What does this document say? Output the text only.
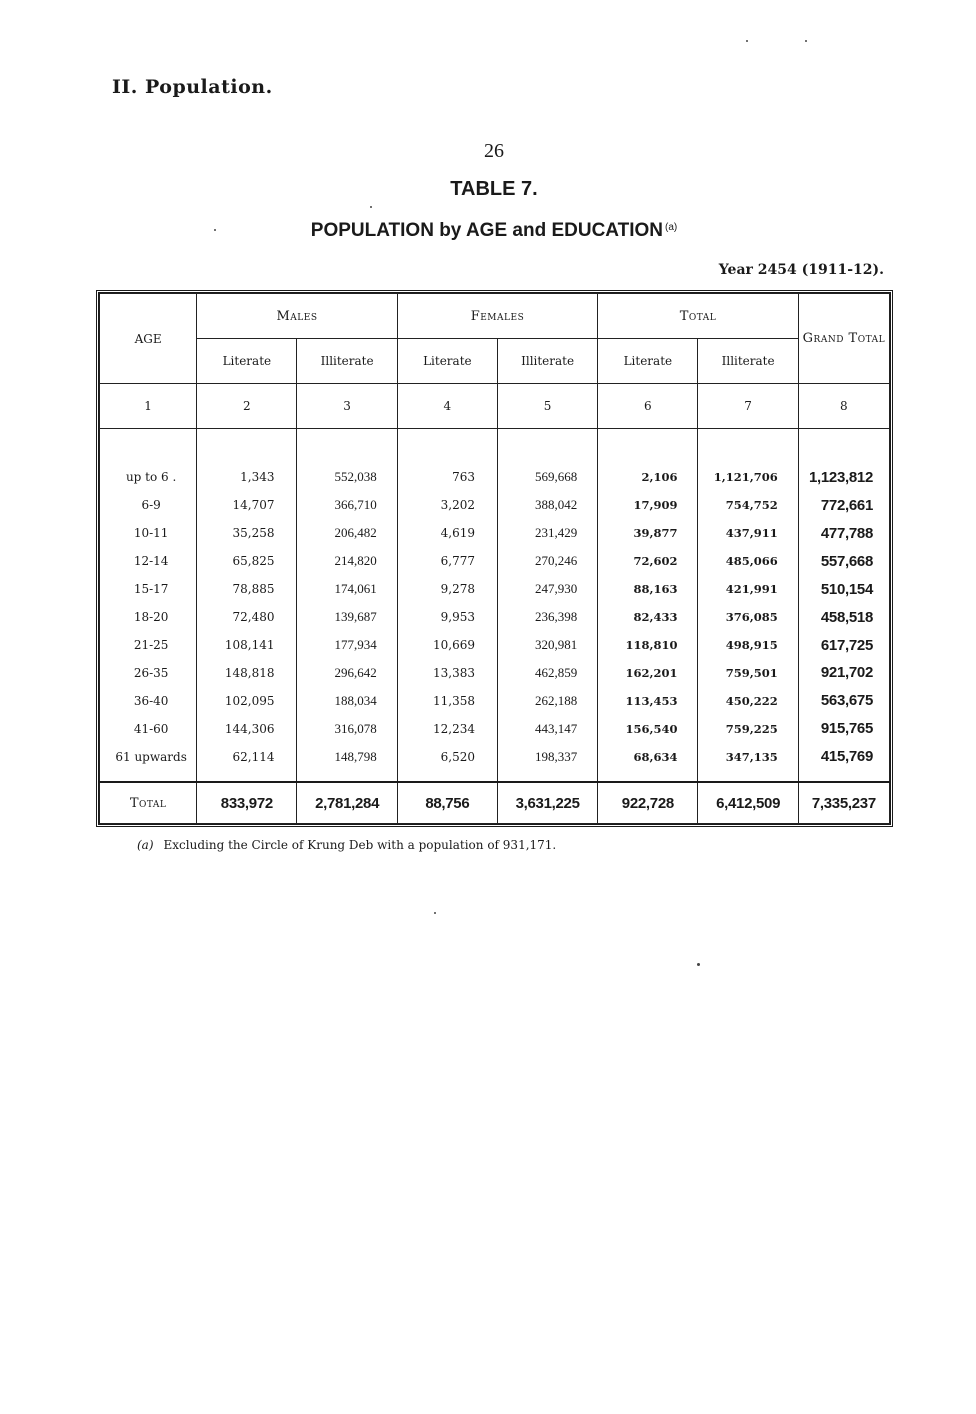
II. Population.
26
TABLE 7.
POPULATION by AGE and EDUCATION $^{(a)}$
Year 2454 (1911-12).
AGE	Males		Females		Total		Grand Total
	Literate	Illiterate	Literate	Illiterate	Literate	Illiterate	
1	2	3	4	5	6	7	8

up to 6 .	1,343	552,038	763	569,668	2,106	1,121,706	1,123,812
6-9	14,707	366,710	3,202	388,042	17,909	754,752	772,661
10-11	35,258	206,482	4,619	231,429	39,877	437,911	477,788
12-14	65,825	214,820	6,777	270,246	72,602	485,066	557,668
15-17	78,885	174,061	9,278	247,930	88,163	421,991	510,154
18-20	72,480	139,687	9,953	236,398	82,433	376,085	458,518
21-25	108,141	177,934	10,669	320,981	118,810	498,915	617,725
26-35	148,818	296,642	13,383	462,859	162,201	759,501	921,702
36-40	102,095	188,034	11,358	262,188	113,453	450,222	563,675
41-60	144,306	316,078	12,234	443,147	156,540	759,225	915,765
61 upwards	62,114	148,798	6,520	198,337	68,634	347,135	415,769
Total	833,972	2,781,284	88,756	3,631,225	922,728	6,412,509	7,335,237
(a) Excluding the Circle of Krung Deb with a population of 931,171.
